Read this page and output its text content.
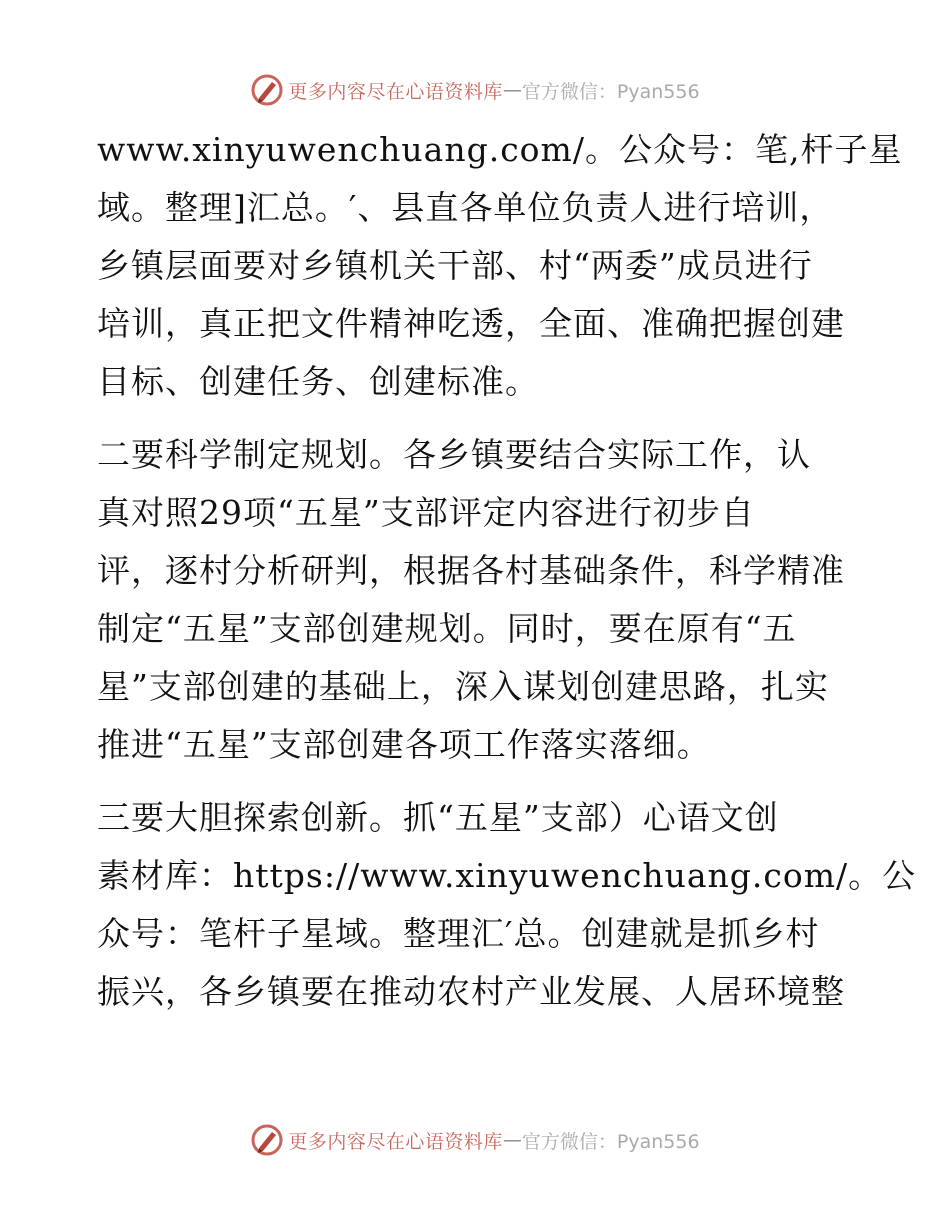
更多内容尽在心语资料库 — 官方微信：Pyan556
www.xinyuwenchuang.com/。公众号：笔,杆子星
域。整理]汇总。′、县直各单位负责人进行培训，
乡镇层面要对乡镇机关干部、村“两委”成员进行
培训，真正把文件精神吃透，全面、准确把握创建
目标、创建任务、创建标准。
二要科学制定规划。各乡镇要结合实际工作，认
真对照29项“五星”支部评定内容进行初步自
评，逐村分析研判，根据各村基础条件，科学精准
制定“五星”支部创建规划。同时，要在原有“五
星”支部创建的基础上，深入谋划创建思路，扎实
推进“五星”支部创建各项工作落实落细。
三要大胆探索创新。抓“五星”支部）心语文创
素材库：https://www.xinyuwenchuang.com/。公
众号：笔杆子星域。整理汇′总。创建就是抓乡村
振兴，各乡镇要在推动农村产业发展、人居环境整
更多内容尽在心语资料库 — 官方微信：Pyan556
